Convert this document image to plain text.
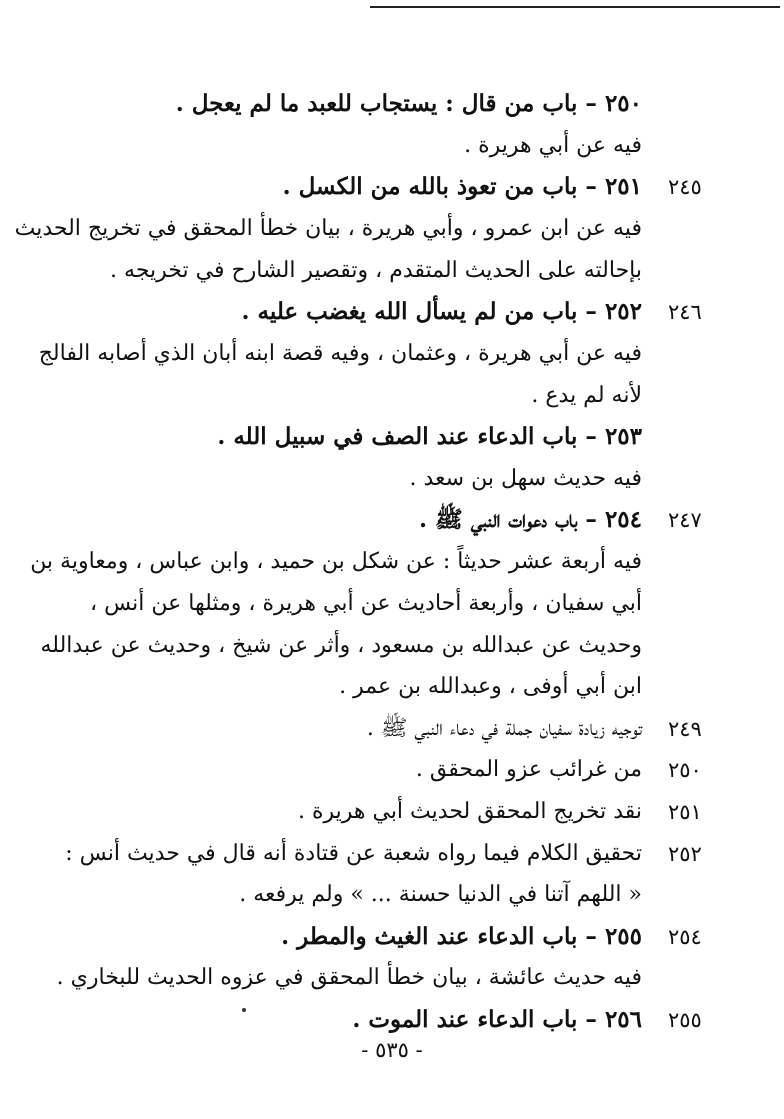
٢٥٠ – باب من قال : يستجاب للعبد ما لم يعجل .
فيه عن أبي هريرة .
٢٤٥
٢٥١ – باب من تعوذ بالله من الكسل .
فيه عن ابن عمرو ، وأبي هريرة ، بيان خطأ المحقق في تخريج الحديث
بإحالته على الحديث المتقدم ، وتقصير الشارح في تخريجه .
٢٤٦
٢٥٢ – باب من لم يسأل الله يغضب عليه .
فيه عن أبي هريرة ، وعثمان ، وفيه قصة ابنه أبان الذي أصابه الفالج
لأنه لم يدع .
٢٥٣ – باب الدعاء عند الصف في سبيل الله .
فيه حديث سهل بن سعد .
٢٤٧
٢٥٤ – باب دعوات النبي ﷺ .
فيه أربعة عشر حديثاً : عن شكل بن حميد ، وابن عباس ، ومعاوية بن
أبي سفيان ، وأربعة أحاديث عن أبي هريرة ، ومثلها عن أنس ،
وحديث عن عبدالله بن مسعود ، وأثر عن شيخ ، وحديث عن عبدالله
ابن أبي أوفى ، وعبدالله بن عمر .
٢٤٩
توجيه زيادة سفيان جملة في دعاء النبي ﷺ .
٢٥٠
من غرائب عزو المحقق .
٢٥١
نقد تخريج المحقق لحديث أبي هريرة .
٢٥٢
تحقيق الكلام فيما رواه شعبة عن قتادة أنه قال في حديث أنس :
« اللهم آتنا في الدنيا حسنة ... » ولم يرفعه .
٢٥٤
٢٥٥ – باب الدعاء عند الغيث والمطر .
فيه حديث عائشة ، بيان خطأ المحقق في عزوه الحديث للبخاري .
٢٥٥
٢٥٦ – باب الدعاء عند الموت .
- ٥٣٥ -
